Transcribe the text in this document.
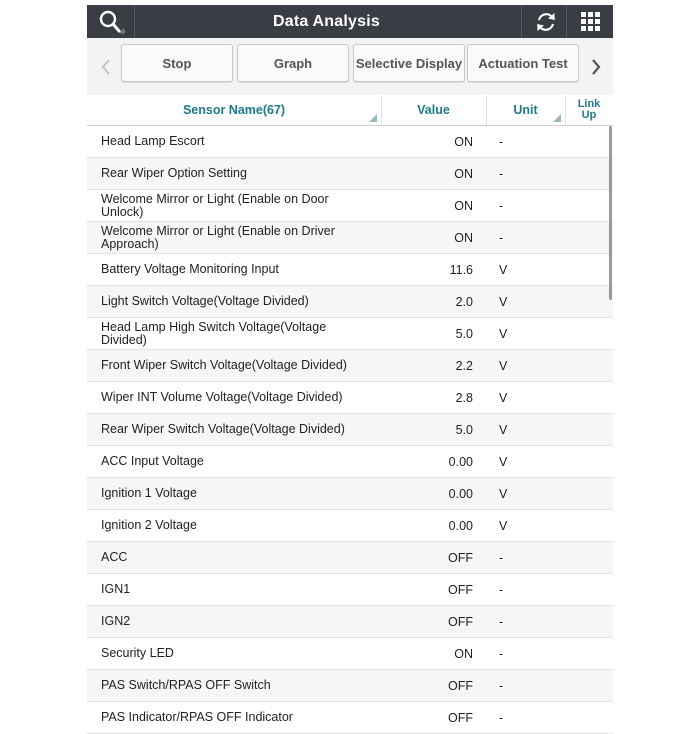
Data Analysis
Stop	Graph	Selective Display	Actuation Test
Sensor Name(67)	Value	Unit	Link
Up
Head Lamp Escort	ON -
Rear Wiper Option Setting	ON -
Welcome Mirror or Light (Enable on Door Unlock)	ON -
Welcome Mirror or Light (Enable on Driver Approach)	ON -
Battery Voltage Monitoring Input	11.6 V
Light Switch Voltage(Voltage Divided)	2.0 V
Head Lamp High Switch Voltage(Voltage Divided)	5.0 V
Front Wiper Switch Voltage(Voltage Divided)	2.2 V
Wiper INT Volume Voltage(Voltage Divided)	2.8 V
Rear Wiper Switch Voltage(Voltage Divided)	5.0 V
ACC Input Voltage	0.00 V
Ignition 1 Voltage	0.00 V
Ignition 2 Voltage	0.00 V
ACC	OFF -
IGN1	OFF -
IGN2	OFF -
Security LED	ON -
PAS Switch/RPAS OFF Switch	OFF -
PAS Indicator/RPAS OFF Indicator	OFF -
